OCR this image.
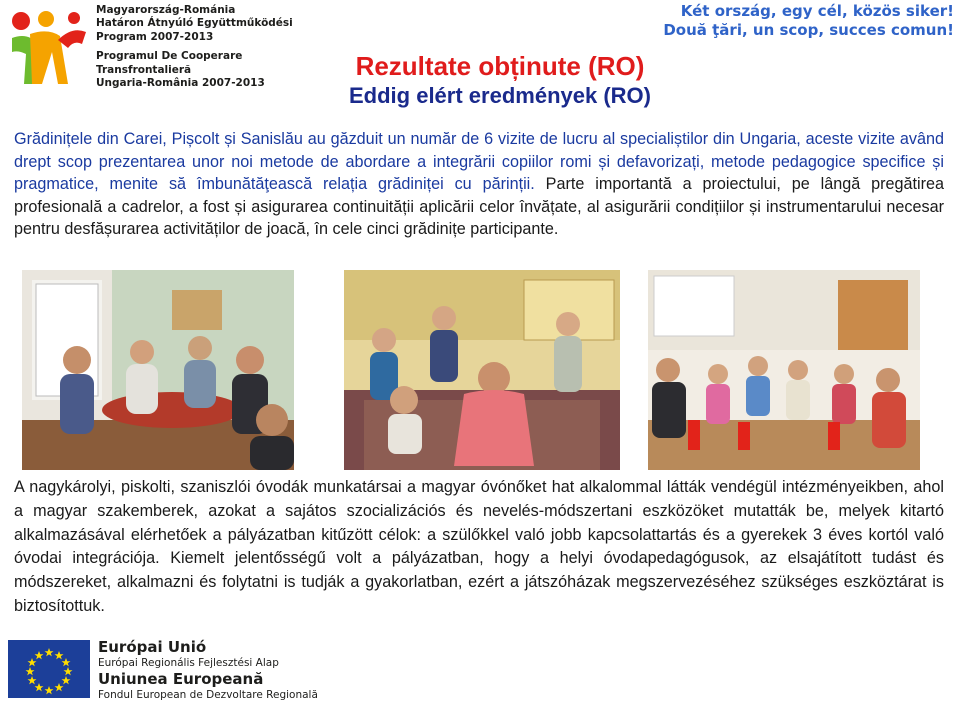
Magyarország-Románia
Határon Átnyúló Együttműködési
Program 2007-2013
Programul De Cooperare
Transfrontalieră
Ungaria-România 2007-2013
Két ország, egy cél, közös siker!
Două ţări, un scop, succes comun!
Rezultate obținute (RO)
Eddig elért eredmények (RO)
Grădinițele din Carei, Pișcolt și Sanislău au găzduit un număr de 6 vizite de lucru al specialiștilor din Ungaria, aceste vizite având drept scop prezentarea unor noi metode de abordare a integrării copiilor romi și defavorizați, metode pedagogice specifice și pragmatice, menite să îmbunătăţească relația grădiniței cu părinții. Parte importantă a proiectului, pe lângă pregătirea profesională a cadrelor, a fost și asigurarea continuității aplicării celor învățate, al asigurării condițiilor și instrumentarului necesar pentru desfășurarea activităților de joacă, în cele cinci grădinițe participante.
A nagykárolyi, piskolti, szaniszlói óvodák munkatársai a magyar óvónőket hat alkalommal látták vendégül intézményeikben, ahol a magyar szakemberek, azokat a sajátos szocializációs és nevelés-módszertani eszközöket mutatták be, melyek kitartó alkalmazásával elérhetőek a pályázatban kitűzött célok: a szülőkkel való jobb kapcsolattartás és a gyerekek 3 éves kortól való óvodai integrációja. Kiemelt jelentősségű volt a pályázatban, hogy a helyi óvodapedagógusok, az elsajátított tudást és módszereket, alkalmazni és folytatni is tudják a gyakorlatban, ezért a játszóházak megszervezéséhez szükséges eszköztárat is biztosítottuk.
Európai Unió
Európai Regionális Fejlesztési Alap
Uniunea Europeană
Fondul European de Dezvoltare Regională
